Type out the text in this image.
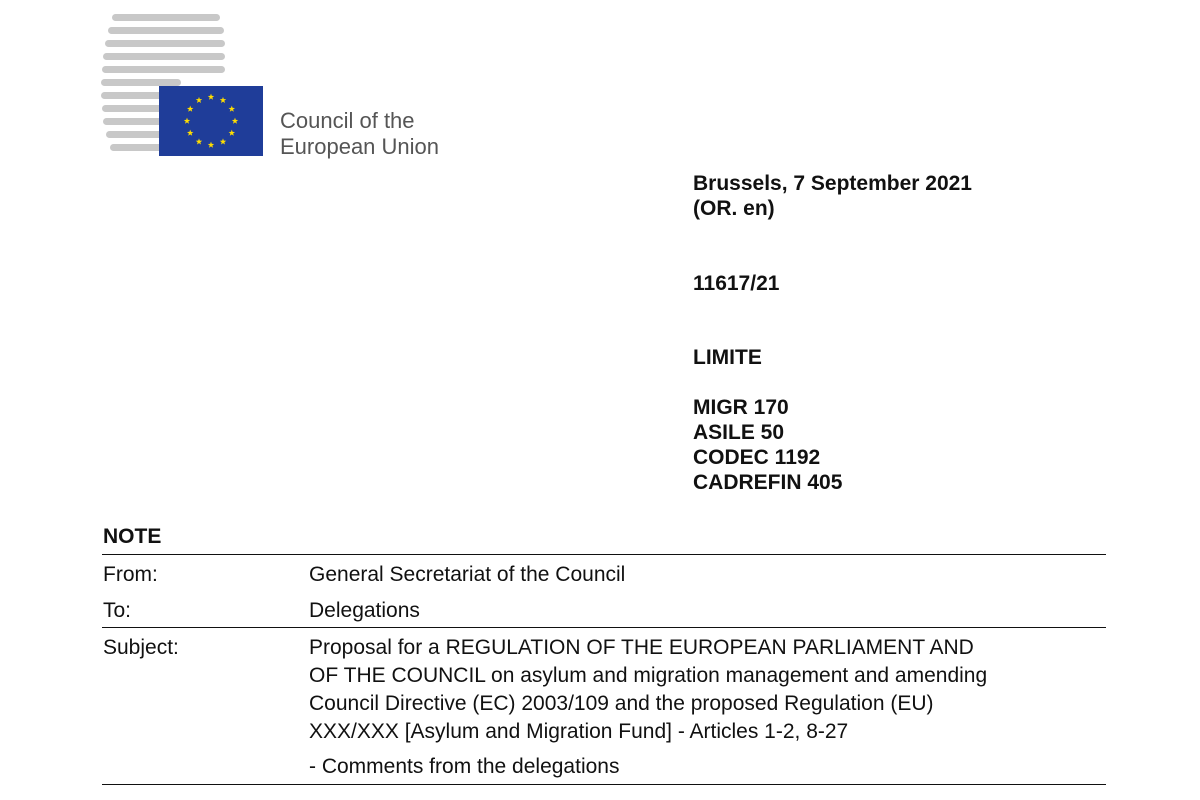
Council of the
European Union
Brussels, 7 September 2021
(OR. en)
11617/21
LIMITE
MIGR 170
ASILE 50
CODEC 1192
CADREFIN 405
NOTE
From:	General Secretariat of the Council
To:	Delegations
Subject:	Proposal for a REGULATION OF THE EUROPEAN PARLIAMENT AND
OF THE COUNCIL on asylum and migration management and amending
Council Directive (EC) 2003/109 and the proposed Regulation (EU)
XXX/XXX [Asylum and Migration Fund] - Articles 1-2, 8-27
- Comments from the delegations
